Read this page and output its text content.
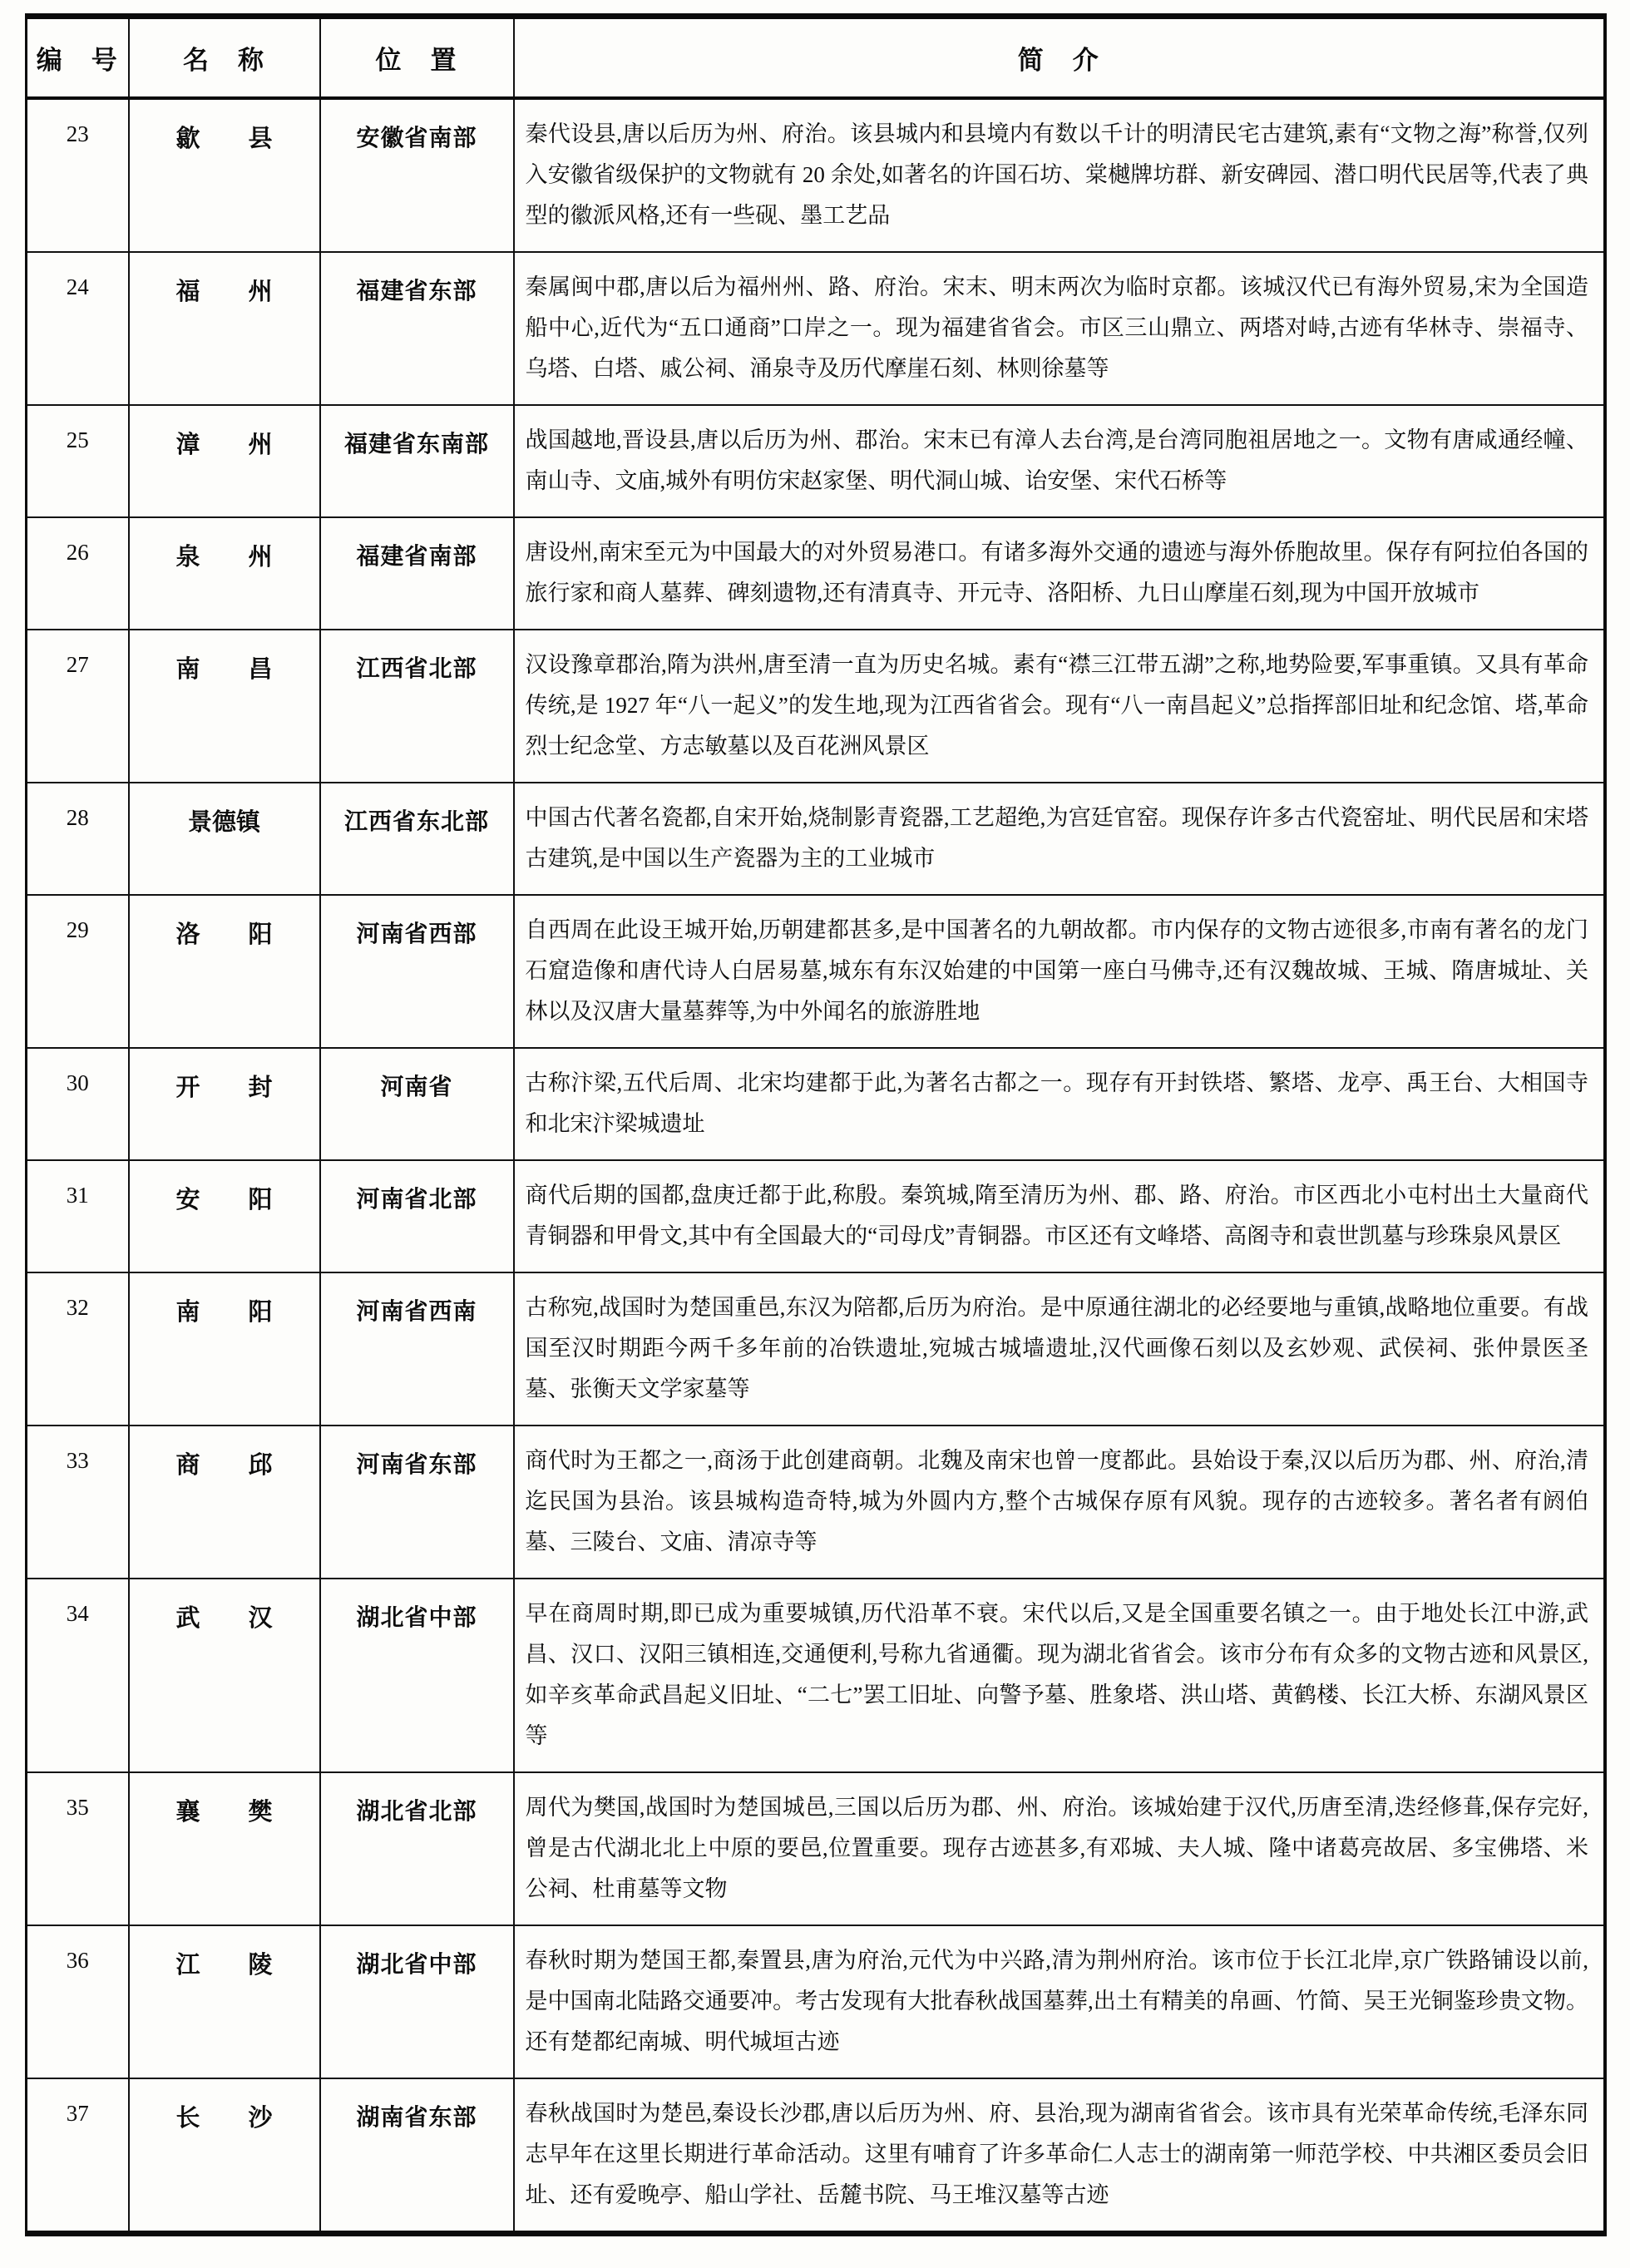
编　号	名　称	位　置	简　介
23	歙　　县	安徽省南部	秦代设县,唐以后历为州、府治。该县城内和县境内有数以千计的明清民宅古建筑,素有“文物之海”称誉,仅列入安徽省级保护的文物就有 20 余处,如著名的许国石坊、棠樾牌坊群、新安碑园、潜口明代民居等,代表了典型的徽派风格,还有一些砚、墨工艺品
24	福　　州	福建省东部	秦属闽中郡,唐以后为福州州、路、府治。宋末、明末两次为临时京都。该城汉代已有海外贸易,宋为全国造船中心,近代为“五口通商”口岸之一。现为福建省省会。市区三山鼎立、两塔对峙,古迹有华林寺、崇福寺、乌塔、白塔、戚公祠、涌泉寺及历代摩崖石刻、林则徐墓等
25	漳　　州	福建省东南部	战国越地,晋设县,唐以后历为州、郡治。宋末已有漳人去台湾,是台湾同胞祖居地之一。文物有唐咸通经幢、南山寺、文庙,城外有明仿宋赵家堡、明代洞山城、诒安堡、宋代石桥等
26	泉　　州	福建省南部	唐设州,南宋至元为中国最大的对外贸易港口。有诸多海外交通的遗迹与海外侨胞故里。保存有阿拉伯各国的旅行家和商人墓葬、碑刻遗物,还有清真寺、开元寺、洛阳桥、九日山摩崖石刻,现为中国开放城市
27	南　　昌	江西省北部	汉设豫章郡治,隋为洪州,唐至清一直为历史名城。素有“襟三江带五湖”之称,地势险要,军事重镇。又具有革命传统,是 1927 年“八一起义”的发生地,现为江西省省会。现有“八一南昌起义”总指挥部旧址和纪念馆、塔,革命烈士纪念堂、方志敏墓以及百花洲风景区
28	景德镇	江西省东北部	中国古代著名瓷都,自宋开始,烧制影青瓷器,工艺超绝,为宫廷官窑。现保存许多古代瓷窑址、明代民居和宋塔古建筑,是中国以生产瓷器为主的工业城市
29	洛　　阳	河南省西部	自西周在此设王城开始,历朝建都甚多,是中国著名的九朝故都。市内保存的文物古迹很多,市南有著名的龙门石窟造像和唐代诗人白居易墓,城东有东汉始建的中国第一座白马佛寺,还有汉魏故城、王城、隋唐城址、关林以及汉唐大量墓葬等,为中外闻名的旅游胜地
30	开　　封	河南省	古称汴梁,五代后周、北宋均建都于此,为著名古都之一。现存有开封铁塔、繁塔、龙亭、禹王台、大相国寺和北宋汴梁城遗址
31	安　　阳	河南省北部	商代后期的国都,盘庚迁都于此,称殷。秦筑城,隋至清历为州、郡、路、府治。市区西北小屯村出土大量商代青铜器和甲骨文,其中有全国最大的“司母戊”青铜器。市区还有文峰塔、高阁寺和袁世凯墓与珍珠泉风景区
32	南　　阳	河南省西南	古称宛,战国时为楚国重邑,东汉为陪都,后历为府治。是中原通往湖北的必经要地与重镇,战略地位重要。有战国至汉时期距今两千多年前的冶铁遗址,宛城古城墙遗址,汉代画像石刻以及玄妙观、武侯祠、张仲景医圣墓、张衡天文学家墓等
33	商　　邱	河南省东部	商代时为王都之一,商汤于此创建商朝。北魏及南宋也曾一度都此。县始设于秦,汉以后历为郡、州、府治,清迄民国为县治。该县城构造奇特,城为外圆内方,整个古城保存原有风貌。现存的古迹较多。著名者有阏伯墓、三陵台、文庙、清凉寺等
34	武　　汉	湖北省中部	早在商周时期,即已成为重要城镇,历代沿革不衰。宋代以后,又是全国重要名镇之一。由于地处长江中游,武昌、汉口、汉阳三镇相连,交通便利,号称九省通衢。现为湖北省省会。该市分布有众多的文物古迹和风景区,如辛亥革命武昌起义旧址、“二七”罢工旧址、向警予墓、胜象塔、洪山塔、黄鹤楼、长江大桥、东湖风景区等
35	襄　　樊	湖北省北部	周代为樊国,战国时为楚国城邑,三国以后历为郡、州、府治。该城始建于汉代,历唐至清,迭经修葺,保存完好,曾是古代湖北北上中原的要邑,位置重要。现存古迹甚多,有邓城、夫人城、隆中诸葛亮故居、多宝佛塔、米公祠、杜甫墓等文物
36	江　　陵	湖北省中部	春秋时期为楚国王都,秦置县,唐为府治,元代为中兴路,清为荆州府治。该市位于长江北岸,京广铁路铺设以前,是中国南北陆路交通要冲。考古发现有大批春秋战国墓葬,出土有精美的帛画、竹简、吴王光铜鉴珍贵文物。还有楚都纪南城、明代城垣古迹
37	长　　沙	湖南省东部	春秋战国时为楚邑,秦设长沙郡,唐以后历为州、府、县治,现为湖南省省会。该市具有光荣革命传统,毛泽东同志早年在这里长期进行革命活动。这里有哺育了许多革命仁人志士的湖南第一师范学校、中共湘区委员会旧址、还有爱晚亭、船山学社、岳麓书院、马王堆汉墓等古迹
